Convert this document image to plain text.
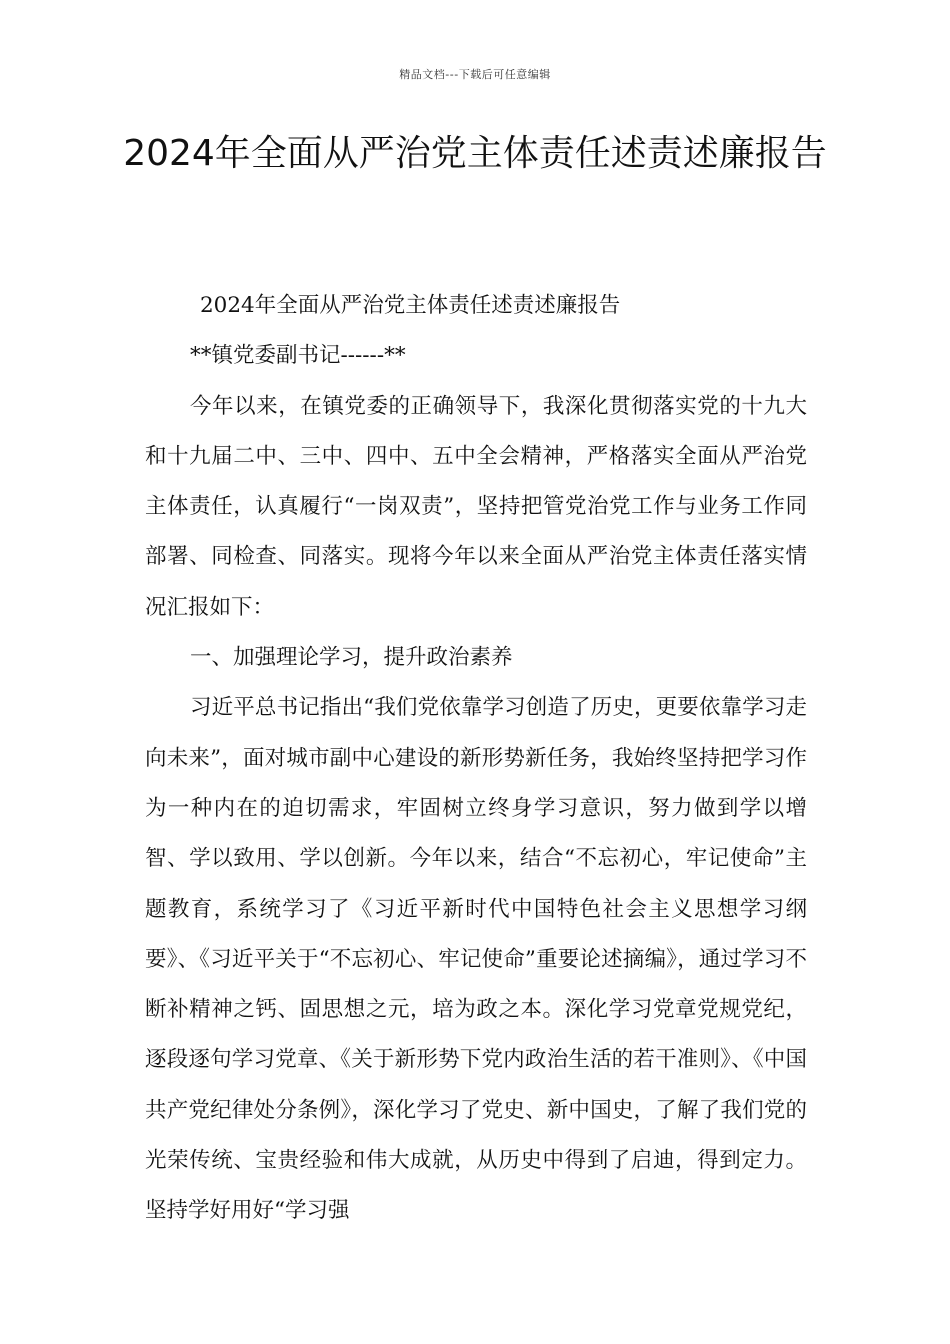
精品文档---下载后可任意编辑
2024年全面从严治党主体责任述责述廉报告

2024年全面从严治党主体责任述责述廉报告

**镇党委副书记------**

今年以来，在镇党委的正确领导下，我深化贯彻落实党的十九大和十九届二中、三中、四中、五中全会精神，严格落实全面从严治党主体责任，认真履行“一岗双责”，坚持把管党治党工作与业务工作同部署、同检查、同落实。现将今年以来全面从严治党主体责任落实情况汇报如下：

一、加强理论学习，提升政治素养

习近平总书记指出“我们党依靠学习创造了历史，更要依靠学习走向未来”，面对城市副中心建设的新形势新任务，我始终坚持把学习作为一种内在的迫切需求，牢固树立终身学习意识，努力做到学以增智、学以致用、学以创新。今年以来，结合“不忘初心，牢记使命”主题教育，系统学习了《习近平新时代中国特色社会主义思想学习纲要》、《习近平关于“不忘初心、牢记使命”重要论述摘编》，通过学习不断补精神之钙、固思想之元，培为政之本。深化学习党章党规党纪，逐段逐句学习党章、《关于新形势下党内政治生活的若干准则》、《中国共产党纪律处分条例》，深化学习了党史、新中国史，了解了我们党的光荣传统、宝贵经验和伟大成就，从历史中得到了启迪，得到定力。坚持学好用好“学习强
